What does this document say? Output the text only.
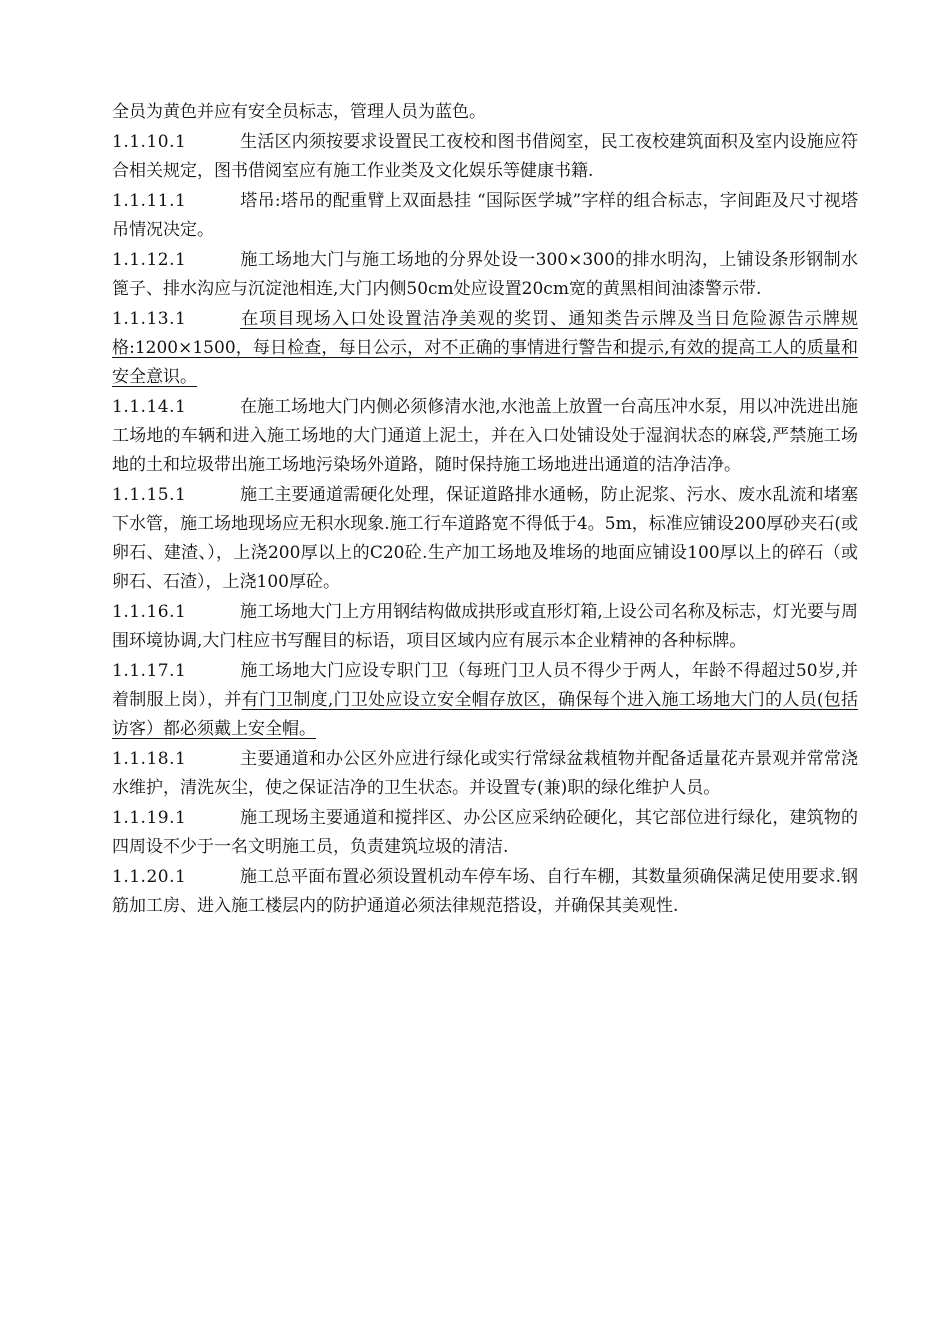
全员为黄色并应有安全员标志，管理人员为蓝色。

1.1.10.1	生活区内须按要求设置民工夜校和图书借阅室，民工夜校建筑面积及室内设施应符合相关规定，图书借阅室应有施工作业类及文化娱乐等健康书籍.

1.1.11.1	塔吊:塔吊的配重臂上双面悬挂 “国际医学城”字样的组合标志，字间距及尺寸视塔吊情况决定。

1.1.12.1	施工场地大门与施工场地的分界处设一300×300的排水明沟，上铺设条形钢制水篦子、排水沟应与沉淀池相连,大门内侧50cm处应设置20cm宽的黄黑相间油漆警示带.

1.1.13.1	在项目现场入口处设置洁净美观的奖罚、通知类告示牌及当日危险源告示牌规格:1200×1500，每日检查，每日公示，对不正确的事情进行警告和提示,有效的提高工人的质量和安全意识。

1.1.14.1	在施工场地大门内侧必须修清水池,水池盖上放置一台高压冲水泵，用以冲洗进出施工场地的车辆和进入施工场地的大门通道上泥土，并在入口处铺设处于湿润状态的麻袋,严禁施工场地的土和垃圾带出施工场地污染场外道路，随时保持施工场地进出通道的洁净洁净。

1.1.15.1	施工主要通道需硬化处理，保证道路排水通畅，防止泥浆、污水、废水乱流和堵塞下水管，施工场地现场应无积水现象.施工行车道路宽不得低于4。5m，标准应铺设200厚砂夹石(或卵石、建渣、），上浇200厚以上的C20砼.生产加工场地及堆场的地面应铺设100厚以上的碎石（或卵石、石渣），上浇100厚砼。

1.1.16.1	施工场地大门上方用钢结构做成拱形或直形灯箱,上设公司名称及标志，灯光要与周围环境协调,大门柱应书写醒目的标语，项目区域内应有展示本企业精神的各种标牌。

1.1.17.1	施工场地大门应设专职门卫（每班门卫人员不得少于两人，年龄不得超过50岁,并着制服上岗），并有门卫制度,门卫处应设立安全帽存放区，确保每个进入施工场地大门的人员(包括访客）都必须戴上安全帽。

1.1.18.1	主要通道和办公区外应进行绿化或实行常绿盆栽植物并配备适量花卉景观并常常浇水维护，清洗灰尘，使之保证洁净的卫生状态。并设置专(兼)职的绿化维护人员。

1.1.19.1	施工现场主要通道和搅拌区、办公区应采纳砼硬化，其它部位进行绿化，建筑物的四周设不少于一名文明施工员，负责建筑垃圾的清洁.

1.1.20.1	施工总平面布置必须设置机动车停车场、自行车棚，其数量须确保满足使用要求.钢筋加工房、进入施工楼层内的防护通道必须法律规范搭设，并确保其美观性.
